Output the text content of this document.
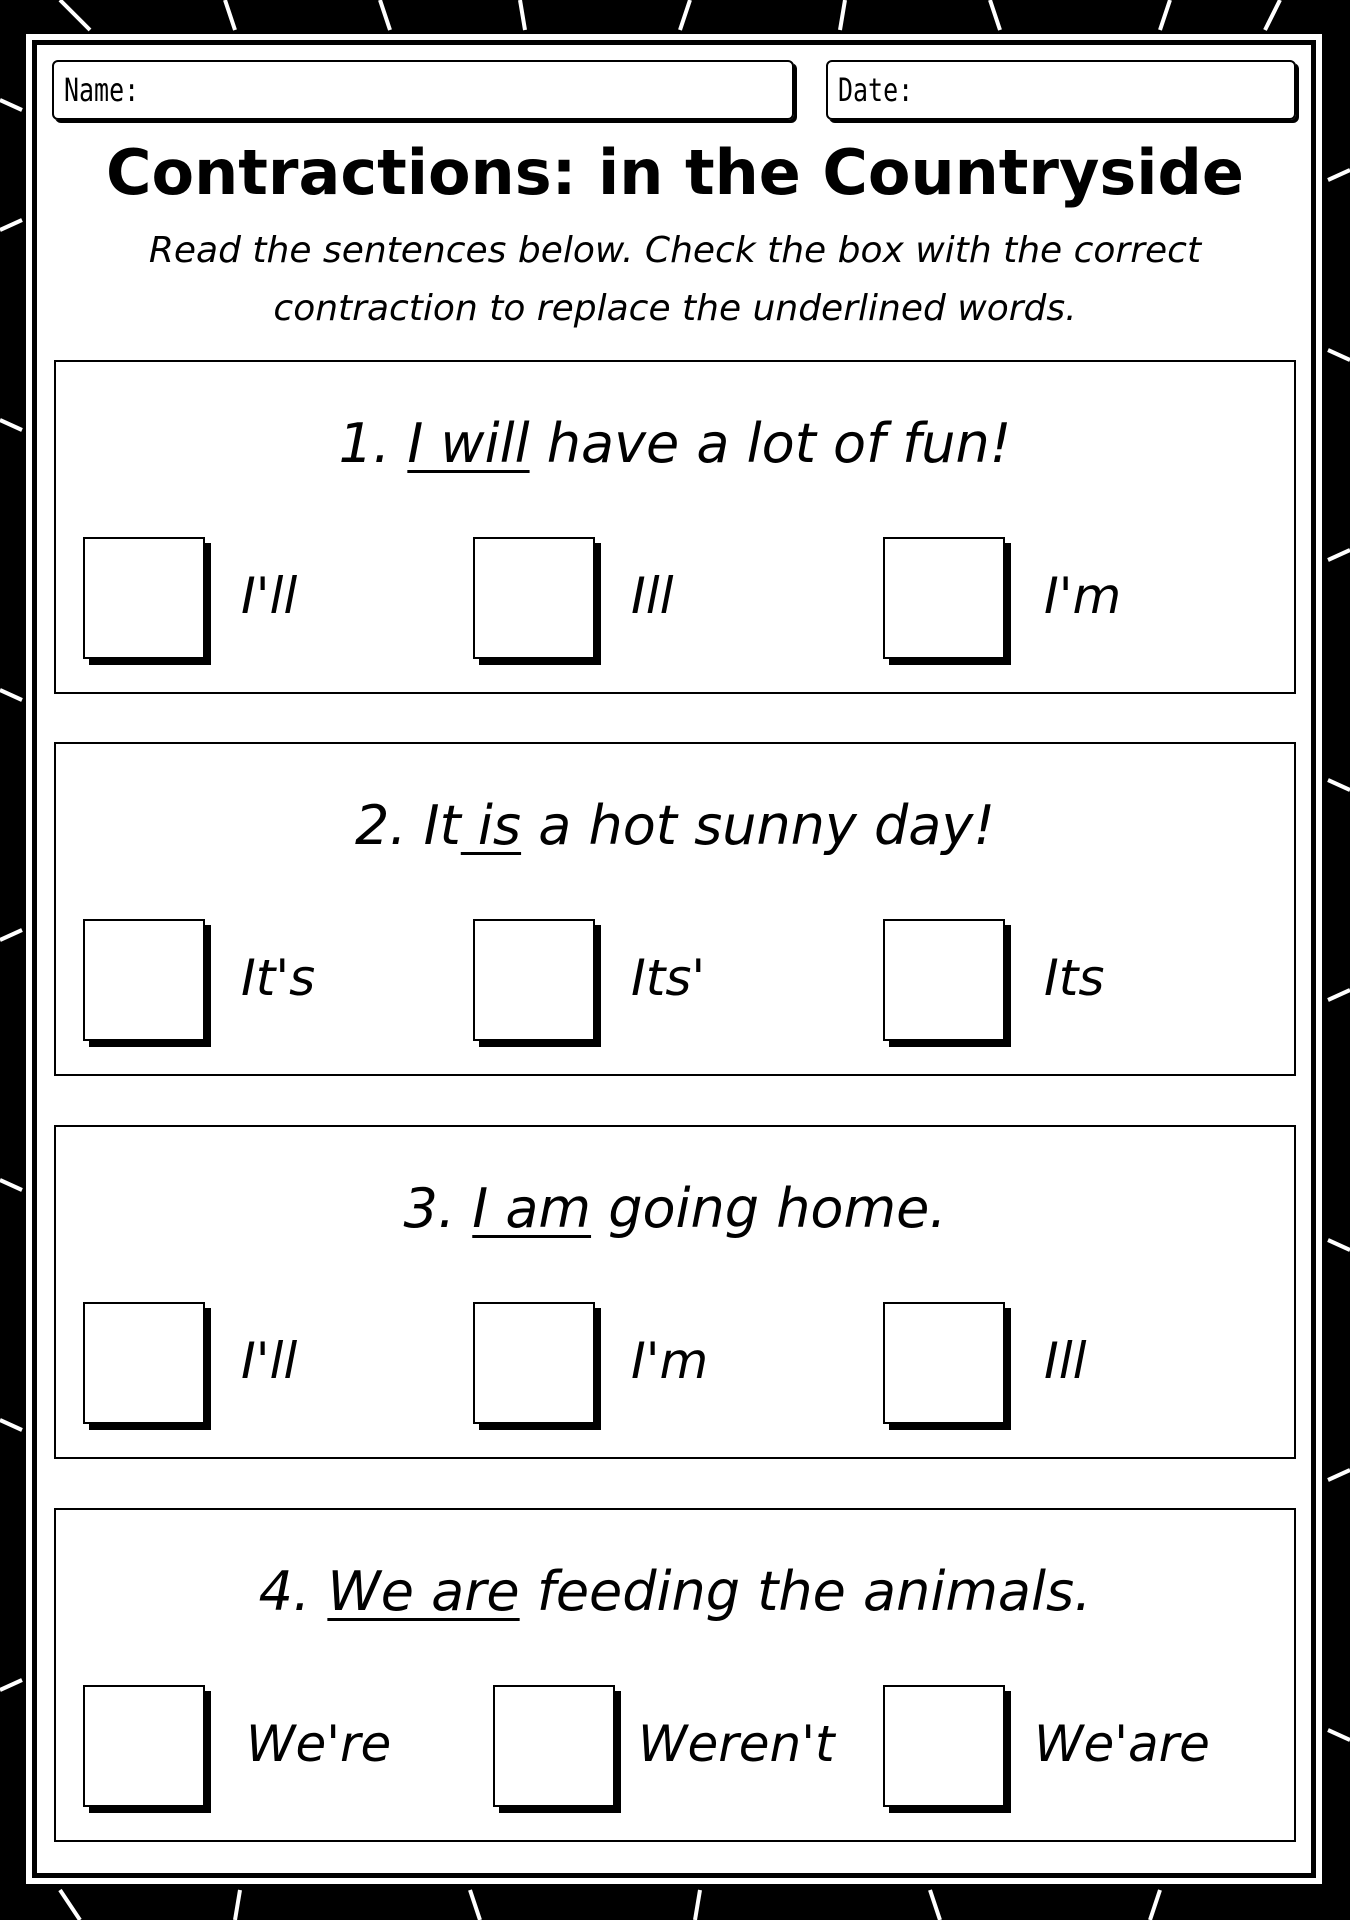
Name:	Date:
Contractions: in the Countryside
Read the sentences below. Check the box with the correct
contraction to replace the underlined words.
1. I will have a lot of fun!
I'll	Ill	I'm
2. It is a hot sunny day!
It's	Its'	Its
3. I am going home.
I'll	I'm	Ill
4. We are feeding the animals.
We're	Weren't	We'are
